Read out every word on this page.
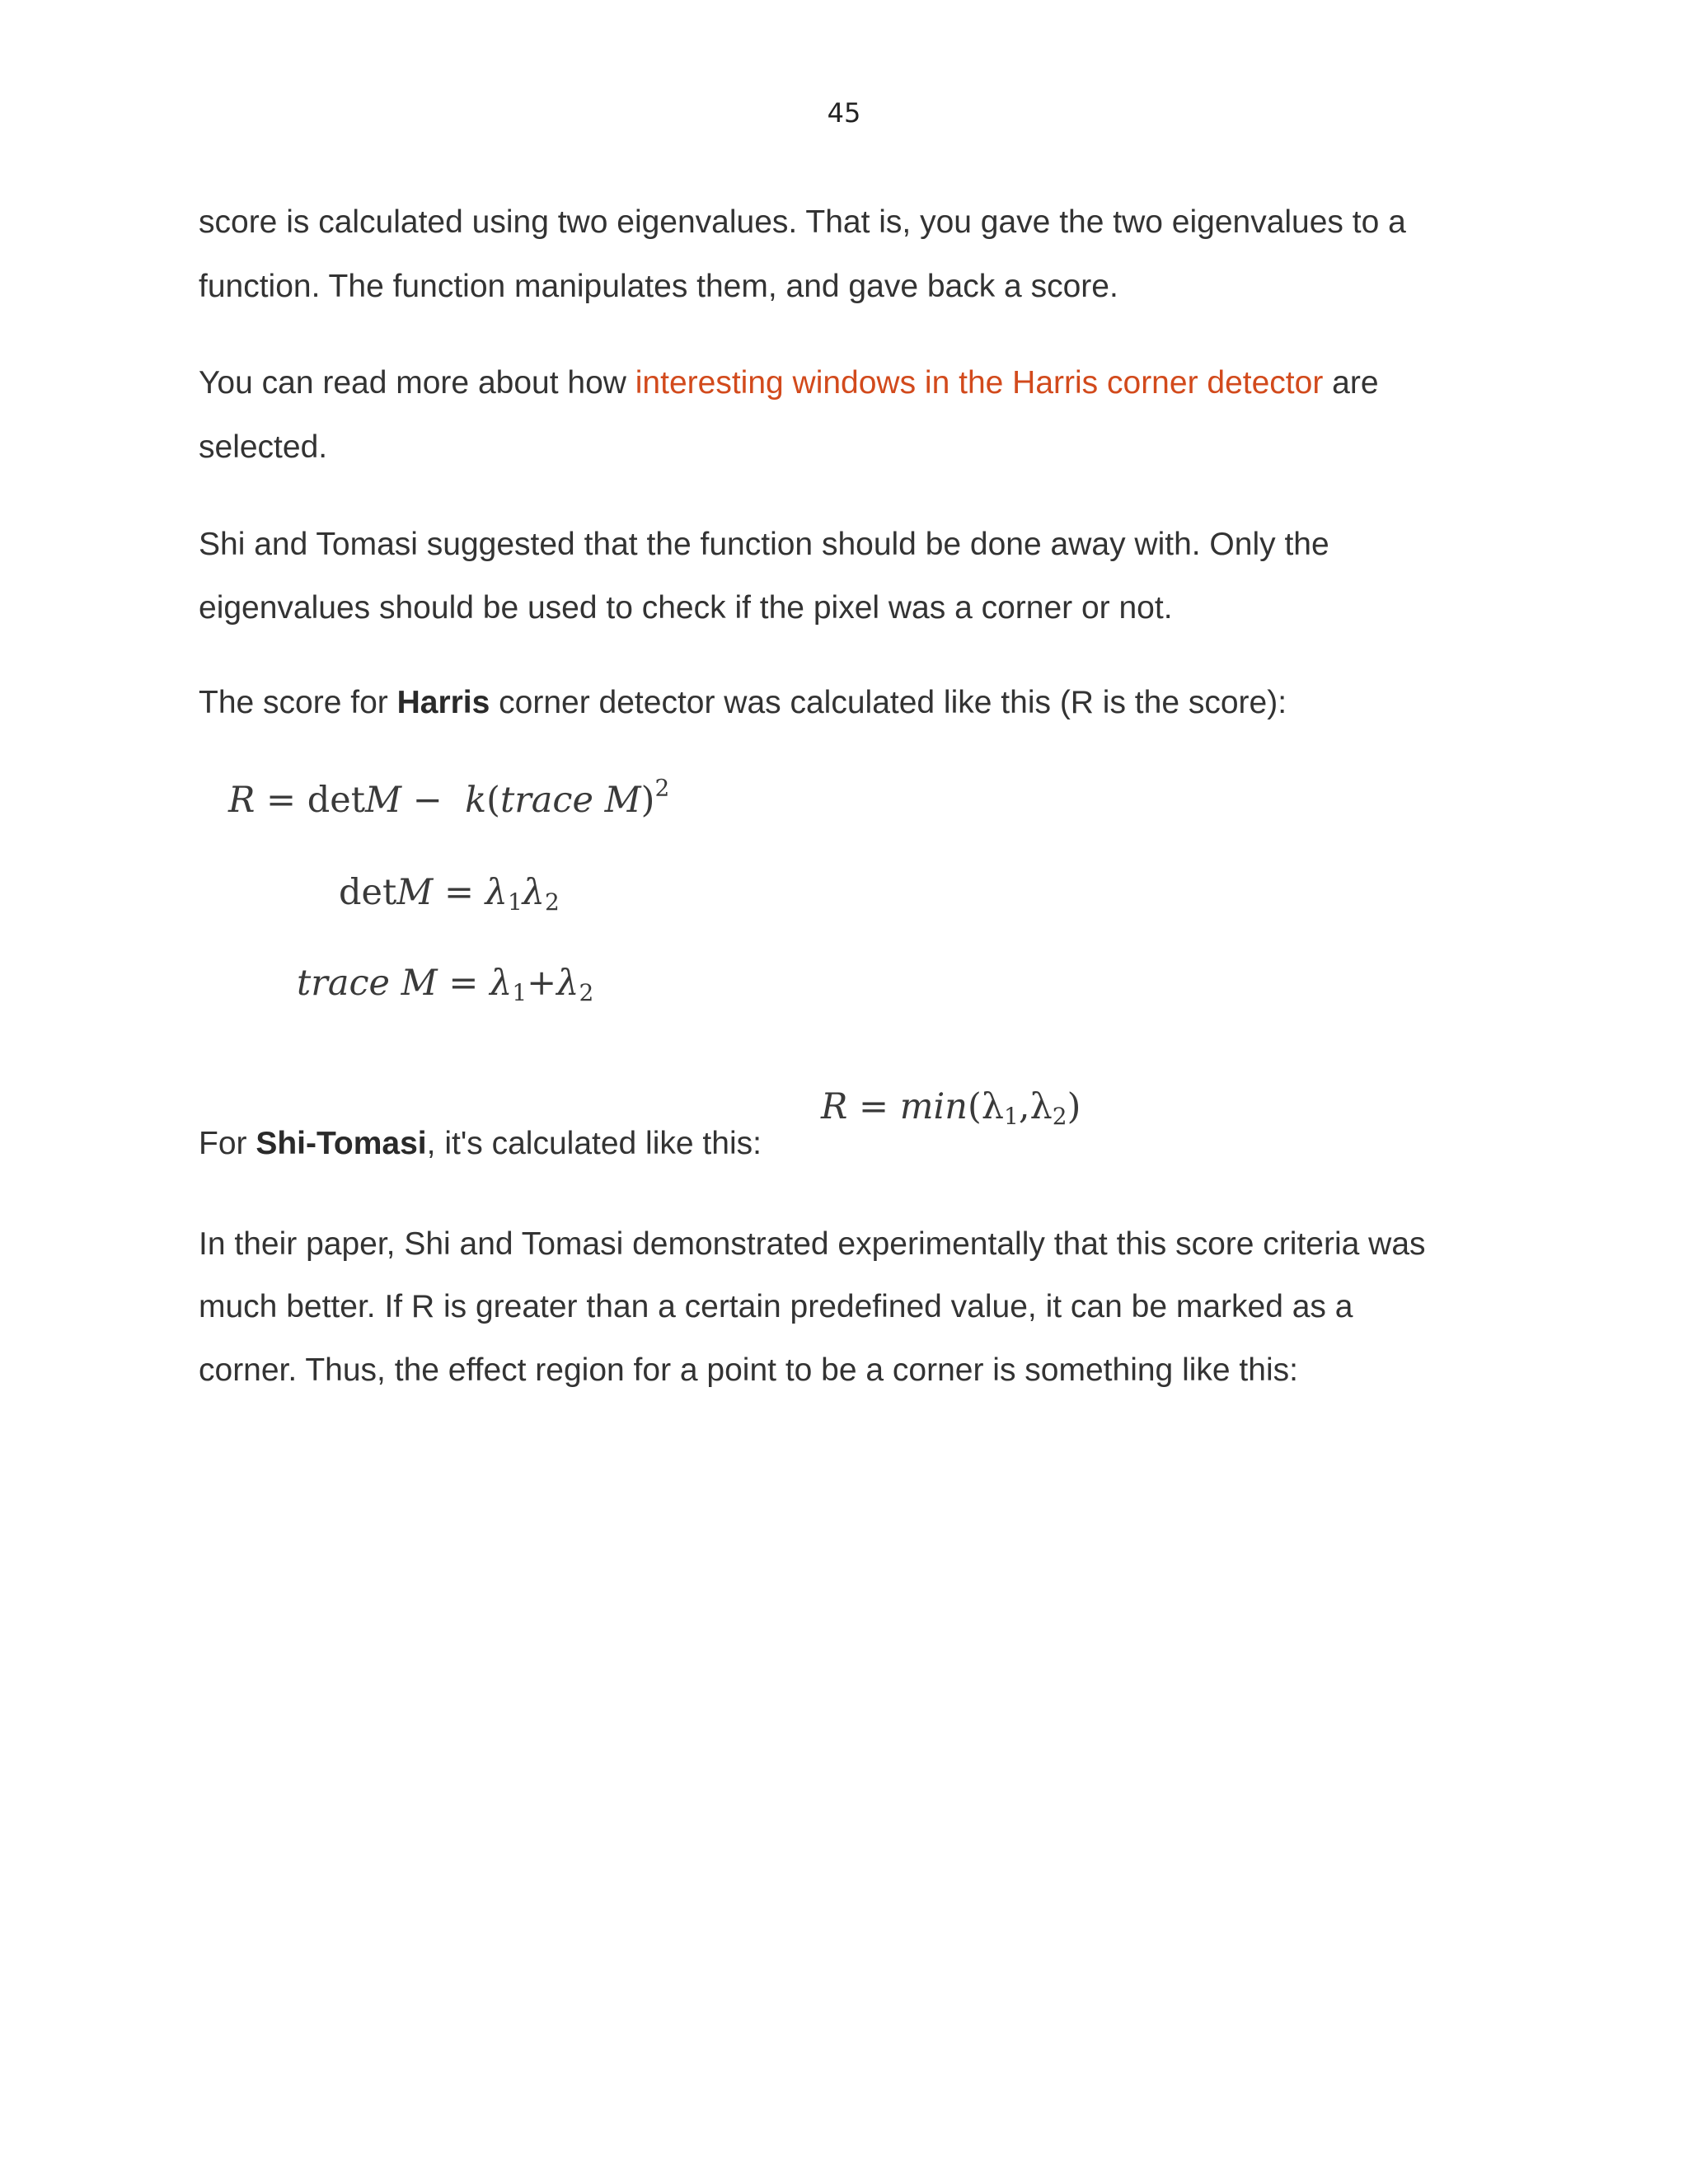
45
score is calculated using two eigenvalues. That is, you gave the two eigenvalues to a
function. The function manipulates them, and gave back a score.
You can read more about how interesting windows in the Harris corner detector are
selected.
Shi and Tomasi suggested that the function should be done away with. Only the
eigenvalues should be used to check if the pixel was a corner or not.
The score for Harris corner detector was calculated like this (R is the score):
R = detM −  k(trace M)$^2$
$\det M = \lambda_1\lambda_2$
trace $M = \lambda_1+\lambda_2$
For Shi-Tomasi, it's calculated like this:
$R = \min(\lambda_1,\lambda_2)$
In their paper, Shi and Tomasi demonstrated experimentally that this score criteria was
much better. If R is greater than a certain predefined value, it can be marked as a
corner. Thus, the effect region for a point to be a corner is something like this:
